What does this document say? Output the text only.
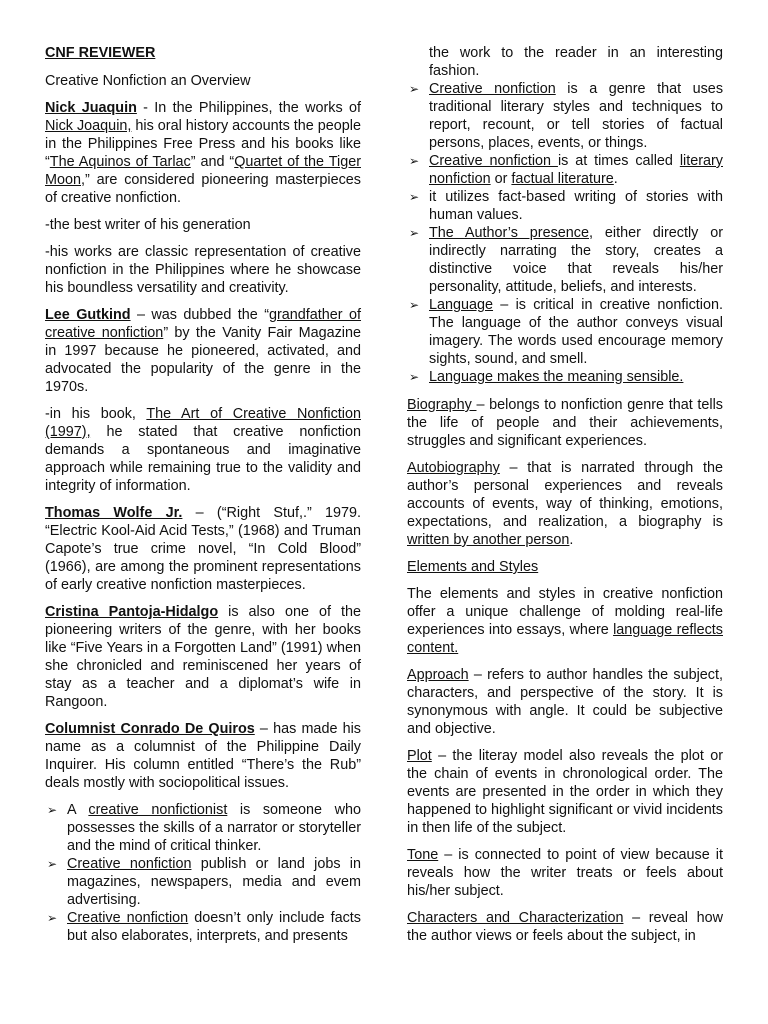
CNF REVIEWER

Creative Nonfiction an Overview

Nick Juaquin - In the Philippines, the works of Nick Joaquin, his oral history accounts the people in the Philippines Free Press and his books like “The Aquinos of Tarlac” and “Quartet of the Tiger Moon,” are considered pioneering masterpieces of creative nonfiction.

-the best writer of his generation

-his works are classic representation of creative nonfiction in the Philippines where he showcase his boundless versatility and creativity.

Lee Gutkind – was dubbed the “grandfather of creative nonfiction” by the Vanity Fair Magazine in 1997 because he pioneered, activated, and advocated the popularity of the genre in the 1970s.

-in his book, The Art of Creative Nonfiction (1997), he stated that creative nonfiction demands a spontaneous and imaginative approach while remaining true to the validity and integrity of information.

Thomas Wolfe Jr. – (“Right Stuf,.” 1979. “Electric Kool-Aid Acid Tests,” (1968) and Truman Capote’s true crime novel, “In Cold Blood” (1966), are among the prominent representations of early creative nonfiction masterpieces.

Cristina Pantoja-Hidalgo is also one of the pioneering writers of the genre, with her books like “Five Years in a Forgotten Land” (1991) when she chronicled and reminiscened her years of stay as a teacher and a diplomat’s wife in Rangoon.

Columnist Conrado De Quiros – has made his name as a columnist of the Philippine Daily Inquirer. His column entitled “There’s the Rub” deals mostly with sociopolitical issues.

➢ A creative nonfictionist is someone who possesses the skills of a narrator or storyteller and the mind of critical thinker.
➢ Creative nonfiction publish or land jobs in magazines, newspapers, media and evem advertising.
➢ Creative nonfiction doesn’t only include facts but also elaborates, interprets, and presents
the work to the reader in an interesting fashion.
➢ Creative nonfiction is a genre that uses traditional literary styles and techniques to report, recount, or tell stories of factual persons, places, events, or things.
➢ Creative nonfiction is at times called literary nonfiction or factual literature.
➢ it utilizes fact-based writing of stories with human values.
➢ The Author’s presence, either directly or indirectly narrating the story, creates a distinctive voice that reveals his/her personality, attitude, beliefs, and interests.
➢ Language – is critical in creative nonfiction. The language of the author conveys visual imagery. The words used encourage memory sights, sound, and smell.
➢ Language makes the meaning sensible.

Biography – belongs to nonfiction genre that tells the life of people and their achievements, struggles and significant experiences.

Autobiography – that is narrated through the author’s personal experiences and reveals accounts of events, way of thinking, emotions, expectations, and realization, a biography is written by another person.

Elements and Styles

The elements and styles in creative nonfiction offer a unique challenge of molding real-life experiences into essays, where language reflects content.

Approach – refers to author handles the subject, characters, and perspective of the story. It is synonymous with angle. It could be subjective and objective.

Plot – the literay model also reveals the plot or the chain of events in chronological order. The events are presented in the order in which they happened to highlight significant or vivid incidents in then life of the subject.

Tone – is connected to point of view because it reveals how the writer treats or feels about his/her subject.

Characters and Characterization – reveal how the author views or feels about the subject, in
